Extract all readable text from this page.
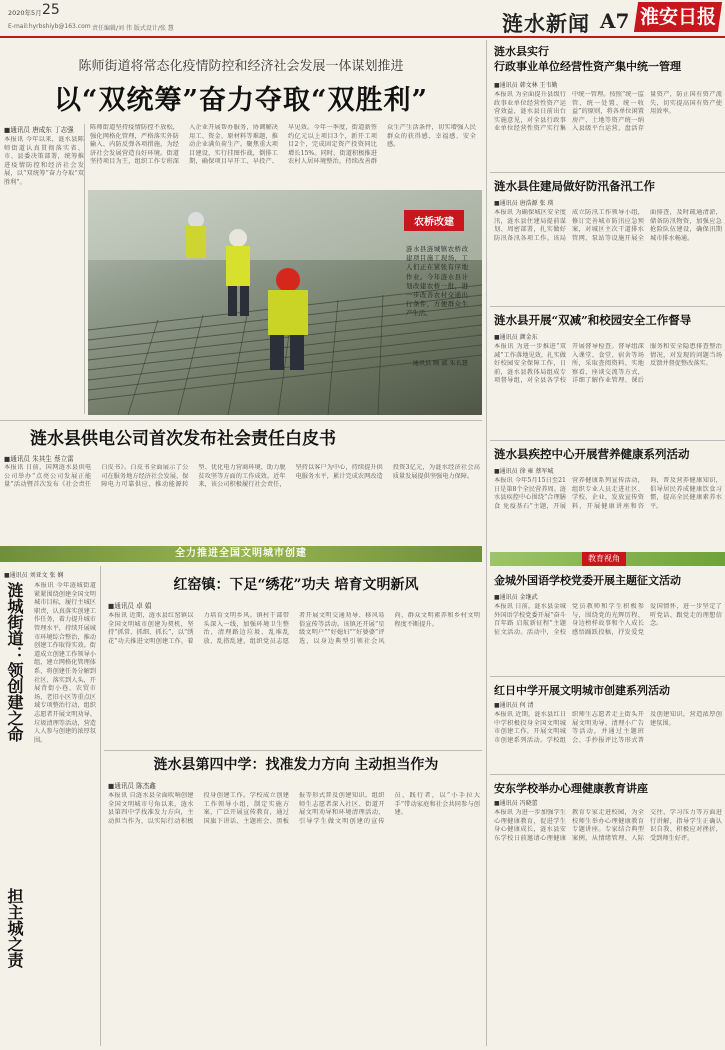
2020年5月 25
E-mail:hyrbshiyb@163.com 责任编辑/刘 伟 版式设计/张 慧	涟水新闻 A7 淮安日报
陈师街道将常态化疫情防控和经济社会发展一体谋划推进
以“双统筹”奋力夺取“双胜利”
■通讯员 唐成东 丁志强
本报讯 今年以来，涟水县陈师街道认真贯彻落实省、市、县委决策部署，统筹推进疫情防控和经济社会发展，以“双统筹”奋力夺取“双胜利”。
陈师街道坚持疫情防控不放松，强化网格化管理，严格落实外防输入、内防反弹各项措施，为经济社会发展营造良好环境。街道坚持项目为王，组织工作专班深入企业开展帮办服务，协调解决用工、资金、原材料等难题，推动企业满负荷生产。聚焦重大项目建设，实行挂图作战，倒排工期，确保项目早开工、早投产、早见效。今年一季度，街道新签约亿元以上项目3个，新开工项目2个，完成固定资产投资同比增长15%。同时，街道积极推进农村人居环境整治，持续改善群众生产生活条件，切实增强人民群众的获得感、幸福感、安全感。
农桥改建
涟水县涟城镇农桥改建项目施工现场，工人们正在紧张有序地作业。今年涟水县计划改建农桥一批，进一步改善农村交通出行条件，方便群众生产生活。
通讯员 顾 淑 朱长慧
涟水县供电公司首次发布社会责任白皮书
■通讯员 朱其生 蔡立雷
本报讯 日前，国网涟水县供电公司举办“点亮公司发展正能量”活动暨首次发布《社会责任白皮书》。白皮书全面展示了公司在服务地方经济社会发展、保障电力可靠供应、推动能源转型、优化电力营商环境、助力脱贫攻坚等方面的工作成效。近年来，该公司积极履行社会责任，坚持以客户为中心，持续提升供电服务水平，累计完成农网改造投资3亿元，为涟水经济社会高质量发展提供坚强电力保障。
全力推进全国文明城市创建
■通讯员 刘亚文 张 娴
涟城街道：领创建之命
担主城之责
本报讯 今年涟城街道紧紧围绕创建全国文明城市目标，履行主城区职责，认真落实创建工作任务，着力提升城市管理水平，持续开展城市环境综合整治，推动创建工作取得实效。街道成立创建工作领导小组，建立网格化管理体系，将创建任务分解到社区、落实到人头，开展背街小巷、农贸市场、老旧小区等重点区域专项整治行动，组织志愿者开展文明劝导、垃圾清理等活动，营造人人参与创建的浓厚氛围。
红窑镇：下足“绣花”功夫 培育文明新风
■通讯员 卓 娟
本报讯 近期，涟水县红窑镇以全国文明城市创建为契机，坚持“抓常、抓细、抓长”，以“绣花”功夫推进文明创建工作，着力培育文明乡风。镇村干部带头深入一线，加强环境卫生整治，清理路边垃圾、乱堆乱放、乱搭乱建，组织党员志愿者开展文明交通劝导、移风易俗宣传等活动。该镇还开展“星级文明户”“好媳妇”“好婆婆”评选，以身边典型引领社会风尚，群众文明素养和乡村文明程度不断提升。
涟水县第四中学：找准发力方向 主动担当作为
■通讯员 陈杰鑫
本报讯 自涟水县全面吹响创建全国文明城市号角以来，涟水县第四中学找准发力方向，主动担当作为，以实际行动积极投身创建工作。学校成立创建工作领导小组，制定实施方案，广泛开展宣传教育，通过国旗下讲话、主题班会、黑板报等形式普及创建知识。组织师生志愿者深入社区、街道开展文明劝导和环境清理活动，引导学生做文明创建的宣传员、践行者，以“小手拉大手”带动家庭和社会共同参与创建。
涟水县实行
行政事业单位经营性资产集中统一管理
■通讯员 韩文林 王韦勤
本报讯 为全面提升县级行政事业单位经营性资产运营效益，涟水县日前出台实施意见，对全县行政事业单位经营性资产实行集中统一管理。按照“统一监管、统一处置、统一收益”的原则，将各单位闲置房产、土地等资产统一纳入县级平台运营，盘活存量资产，防止国有资产流失，切实提高国有资产使用效率。
涟水县住建局做好防汛备汛工作
■通讯员 唐浩源 张 瑛
本报讯 为确保城区安全度汛，涟水县住建局提前谋划、周密部署，扎实做好防汛备汛各项工作。该局成立防汛工作领导小组，修订完善城市防汛应急预案，对城区主次干道排水管网、泵站等设施开展全面排查，及时疏通清淤，储备防汛物资，加强应急抢险队伍建设，确保汛期城市排水畅通。
涟水县开展“双减”和校园安全工作督导
■通讯员 颜金东
本报讯 为进一步推进“双减”工作落地见效，扎实做好校园安全保障工作，日前，涟水县教体局组成专项督导组，对全县各学校开展督导检查。督导组深入课堂、食堂、宿舍等场所，采取查阅资料、实地察看、座谈交流等方式，详细了解作业管理、课后服务和安全隐患排查整治情况，对发现的问题当场反馈并督促整改落实。
涟水县疾控中心开展营养健康系列活动
■通讯员 徐 雍 蔡军城
本报讯 今年5月15日至21日是第8个全民营养周。涟水县疾控中心围绕“合理膳食 免疫基石”主题，开展营养健康系列宣传活动，组织专业人员走进社区、学校、企业，发放宣传资料，开展健康讲座和咨询，普及营养健康知识，倡导居民养成健康饮食习惯，提高全民健康素养水平。
教育视角
金城外国语学校党委开展主题征文活动
■通讯员 金继武
本报讯 日前，涟水县金城外国语学校党委开展“奋斗百年路 启航新征程”主题征文活动。活动中，全校党员教师和学生积极参与，围绕党的光辉历程、身边榜样故事和个人成长感悟踊跃投稿，抒发爱党爱国情怀，进一步坚定了听党话、跟党走的理想信念。
红日中学开展文明城市创建系列活动
■通讯员 何 清
本报讯 近期，涟水县红日中学积极投身全国文明城市创建工作，开展文明城市创建系列活动。学校组织师生志愿者走上街头开展文明劝导、清理小广告等活动，并通过主题班会、手抄报评比等形式普及创建知识，营造浓厚创建氛围。
安东学校举办心理健康教育讲座
■通讯员 冯晓蕾
本报讯 为进一步加强学生心理健康教育，促进学生身心健康成长，涟水县安东学校日前邀请心理健康教育专家走进校园，为全校师生举办心理健康教育专题讲座。专家结合典型案例，从情绪管理、人际交往、学习压力等方面进行讲解，指导学生正确认识自我、积极应对挫折，受到师生好评。
